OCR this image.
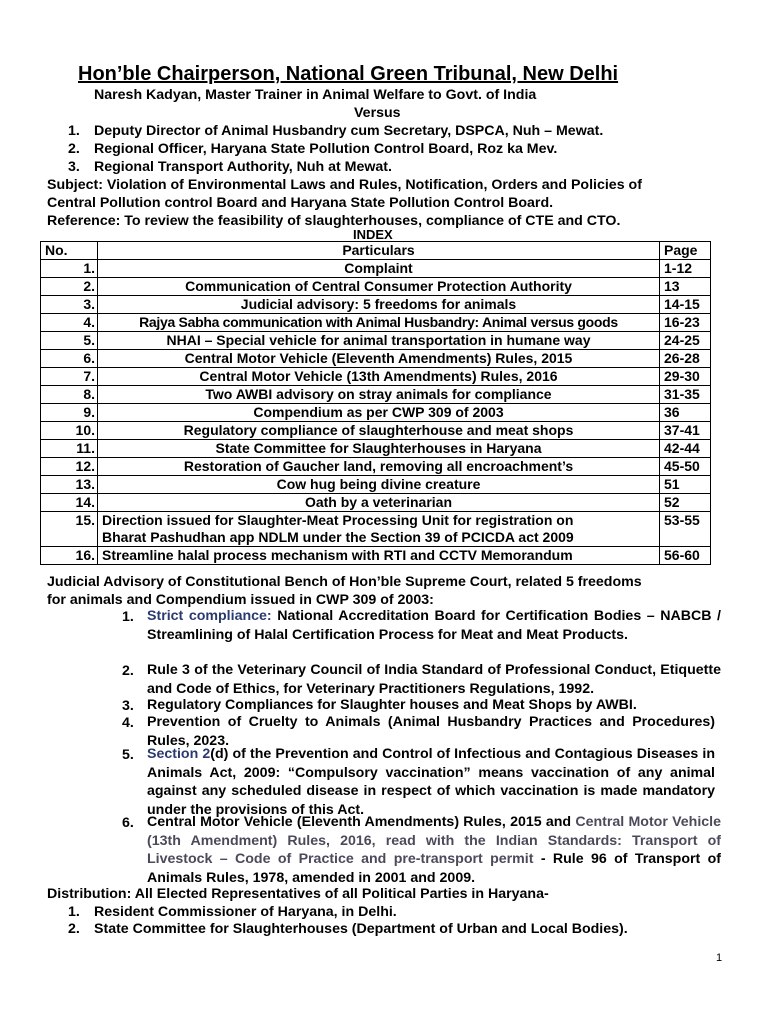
Hon’ble Chairperson, National Green Tribunal, New Delhi
Naresh Kadyan, Master Trainer in Animal Welfare to Govt. of India
Versus
1. Deputy Director of Animal Husbandry cum Secretary, DSPCA, Nuh – Mewat.
2. Regional Officer, Haryana State Pollution Control Board, Roz ka Mev.
3. Regional Transport Authority, Nuh at Mewat.
Subject: Violation of Environmental Laws and Rules, Notification, Orders and Policies of
Central Pollution control Board and Haryana State Pollution Control Board.
Reference: To review the feasibility of slaughterhouses, compliance of CTE and CTO.
INDEX
No.	Particulars	Page
1.	Complaint	1-12
2.	Communication of Central Consumer Protection Authority	13
3.	Judicial advisory: 5 freedoms for animals	14-15
4.	Rajya Sabha communication with Animal Husbandry: Animal versus goods	16-23
5.	NHAI – Special vehicle for animal transportation in humane way	24-25
6.	Central Motor Vehicle (Eleventh Amendments) Rules, 2015	26-28
7.	Central Motor Vehicle (13th Amendments) Rules, 2016	29-30
8.	Two AWBI advisory on stray animals for compliance	31-35
9.	Compendium as per CWP 309 of 2003	36
10.	Regulatory compliance of slaughterhouse and meat shops	37-41
11.	State Committee for Slaughterhouses in Haryana	42-44
12.	Restoration of Gaucher land, removing all encroachment’s	45-50
13.	Cow hug being divine creature	51
14.	Oath by a veterinarian	52
15.	Direction issued for Slaughter-Meat Processing Unit for registration on
Bharat Pashudhan app NDLM under the Section 39 of PCICDA act 2009	53-55
16.	Streamline halal process mechanism with RTI and CCTV Memorandum	56-60
Judicial Advisory of Constitutional Bench of Hon’ble Supreme Court, related 5 freedoms
for animals and Compendium issued in CWP 309 of 2003:
1. Strict compliance: National Accreditation Board for Certification Bodies – NABCB / Streamlining of Halal Certification Process for Meat and Meat Products.
2. Rule 3 of the Veterinary Council of India Standard of Professional Conduct, Etiquette and Code of Ethics, for Veterinary Practitioners Regulations, 1992.
3. Regulatory Compliances for Slaughter houses and Meat Shops by AWBI.
4. Prevention of Cruelty to Animals (Animal Husbandry Practices and Procedures) Rules, 2023.
5. Section 2(d) of the Prevention and Control of Infectious and Contagious Diseases in Animals Act, 2009: “Compulsory vaccination” means vaccination of any animal against any scheduled disease in respect of which vaccination is made mandatory under the provisions of this Act.
6. Central Motor Vehicle (Eleventh Amendments) Rules, 2015 and Central Motor Vehicle (13th Amendment) Rules, 2016, read with the Indian Standards: Transport of Livestock – Code of Practice and pre-transport permit - Rule 96 of Transport of Animals Rules, 1978, amended in 2001 and 2009.
Distribution: All Elected Representatives of all Political Parties in Haryana-
1. Resident Commissioner of Haryana, in Delhi.
2. State Committee for Slaughterhouses (Department of Urban and Local Bodies).
1
